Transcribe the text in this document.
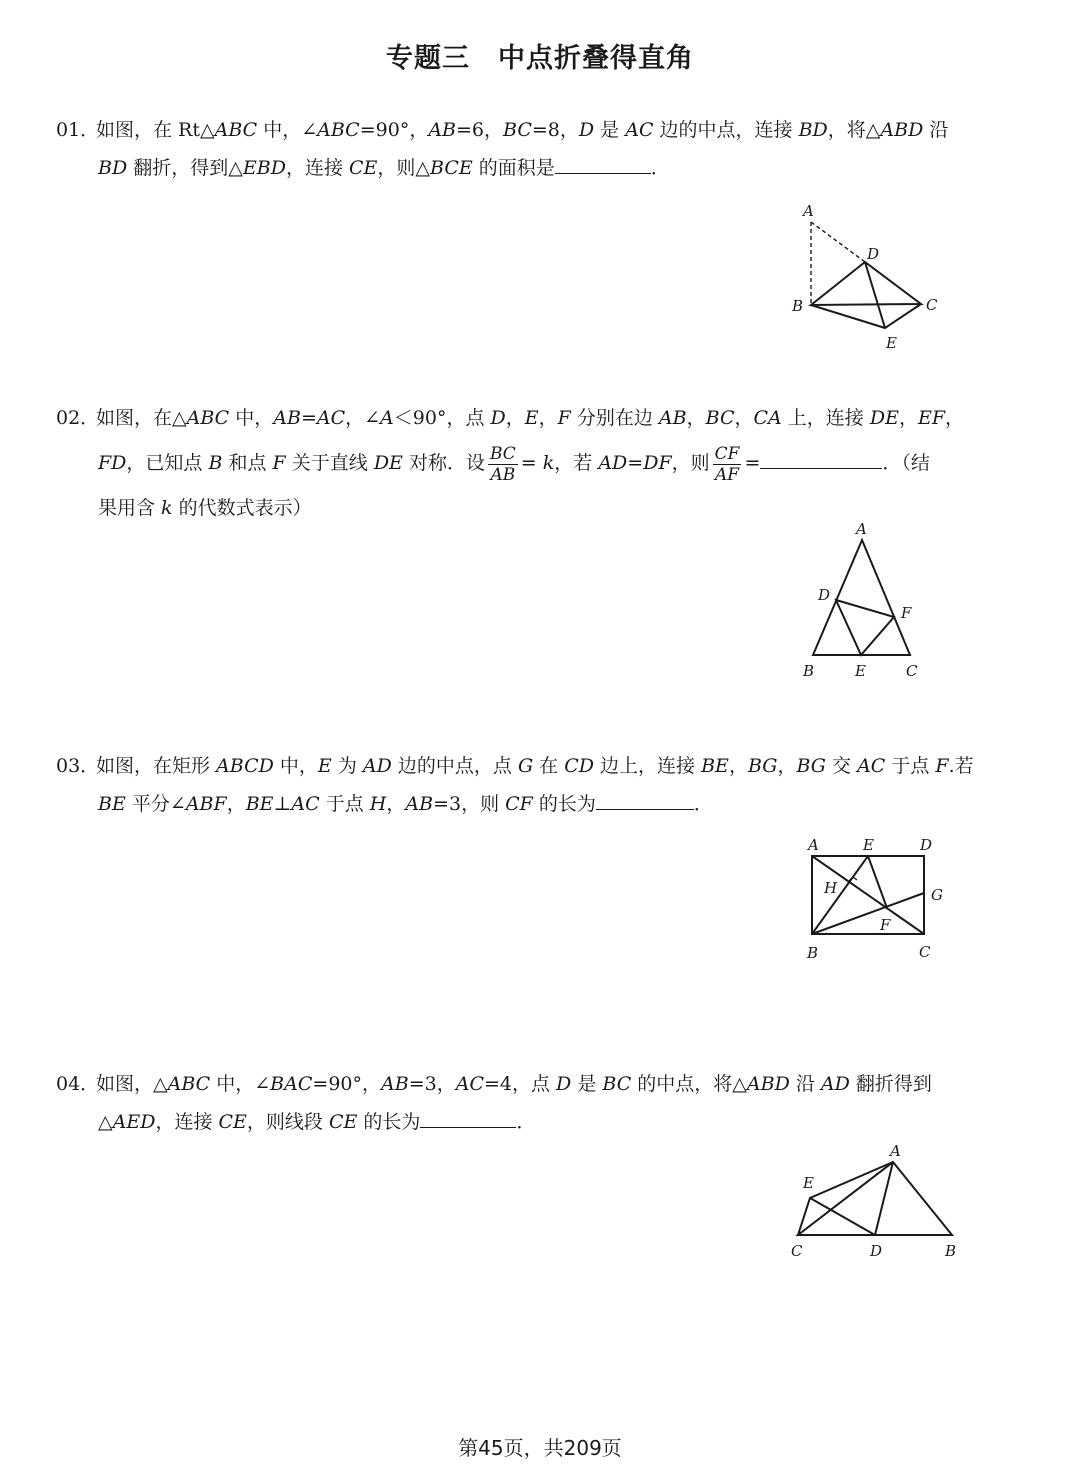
专题三　中点折叠得直角
01．如图，在 Rt△ABC 中，∠ABC=90°，AB=6，BC=8，D 是 AC 边的中点，连接 BD，将△ABD 沿
BD 翻折，得到△EBD，连接 CE，则△BCE 的面积是	．
A
D
B	C
E
02．如图，在△ABC 中，AB=AC，∠A＜90°，点 D，E，F 分别在边 AB，BC，CA 上，连接 DE，EF，
FD，已知点 B 和点 F 关于直线 DE 对称．设 $\frac{BC}{AB} = k$，若 AD=DF，则 $\frac{CF}{AF}$ =	．（结
果用含 k 的代数式表示）
A
D
F
B	E	C
03．如图，在矩形 ABCD 中，E 为 AD 边的中点，点 G 在 CD 边上，连接 BE，BG，BG 交 AC 于点 F.若
BE 平分∠ABF，BE⊥AC 于点 H，AB=3，则 CF 的长为	．
A	E	D
H	G
F
B	C
04．如图，△ABC 中，∠BAC=90°，AB=3，AC=4，点 D 是 BC 的中点，将△ABD 沿 AD 翻折得到
△AED，连接 CE，则线段 CE 的长为	．
A
E
C	D	B
第45页，共209页
